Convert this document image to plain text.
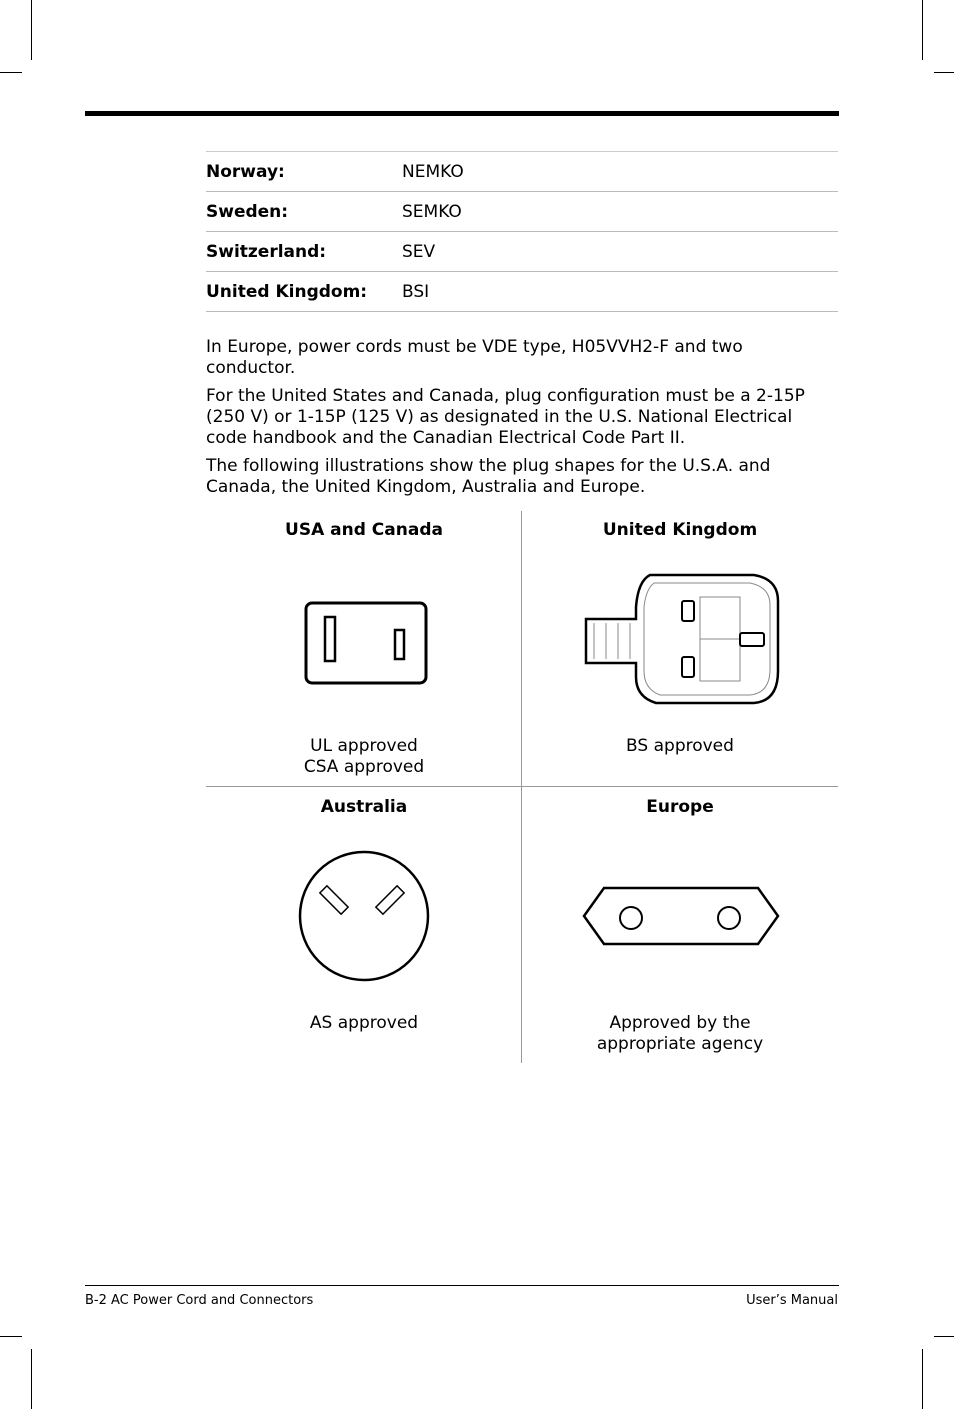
Norway:	NEMKO
Sweden:	SEMKO
Switzerland:	SEV
United Kingdom:	BSI

In Europe, power cords must be VDE type, H05VVH2-F and two conductor.

For the United States and Canada, plug configuration must be a 2-15P (250 V) or 1-15P (125 V) as designated in the U.S. National Electrical code handbook and the Canadian Electrical Code Part II.

The following illustrations show the plug shapes for the U.S.A. and Canada, the United Kingdom, Australia and Europe.

USA and Canada
UL approved
CSA approved
United Kingdom
BS approved
Australia
AS approved
Europe
Approved by the
appropriate agency
B-2 AC Power Cord and Connectors	User’s Manual
